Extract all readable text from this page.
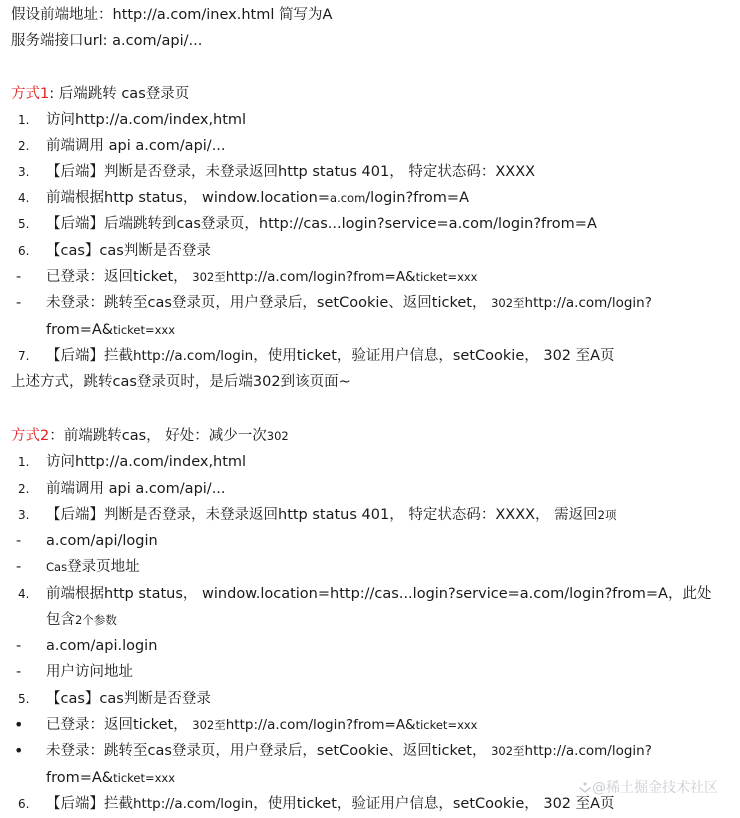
假设前端地址：http://a.com/inex.html 简写为A
服务端接口url: a.com/api/...
方式1: 后端跳转 cas登录页
1. 访问http://a.com/index,html
2. 前端调用 api a.com/api/...
3. 【后端】判断是否登录，未登录返回http status 401， 特定状态码：XXXX
4. 前端根据http status， window.location=a.com/login?from=A
5. 【后端】后端跳转到cas登录页，http://cas...login?service=a.com/login?from=A
6. 【cas】cas判断是否登录
- 已登录：返回ticket， 302至http://a.com/login?from=A&ticket=xxx
- 未登录：跳转至cas登录页，用户登录后，setCookie、返回ticket， 302至http://a.com/login?
from=A&ticket=xxx
7. 【后端】拦截http://a.com/login，使用ticket，验证用户信息，setCookie， 302 至A页
上述方式，跳转cas登录页时，是后端302到该页面~
方式2：前端跳转cas， 好处：减少一次302
1. 访问http://a.com/index,html
2. 前端调用 api a.com/api/...
3. 【后端】判断是否登录，未登录返回http status 401， 特定状态码：XXXX， 需返回2项
- a.com/api/login
- Cas登录页地址
4. 前端根据http status， window.location=http://cas...login?service=a.com/login?from=A，此处
包含2个参数
- a.com/api.login
- 用户访问地址
5. 【cas】cas判断是否登录
• 已登录：返回ticket， 302至http://a.com/login?from=A&ticket=xxx
• 未登录：跳转至cas登录页，用户登录后，setCookie、返回ticket， 302至http://a.com/login?
from=A&ticket=xxx
6. 【后端】拦截http://a.com/login，使用ticket，验证用户信息，setCookie， 302 至A页
@稀土掘金技术社区
